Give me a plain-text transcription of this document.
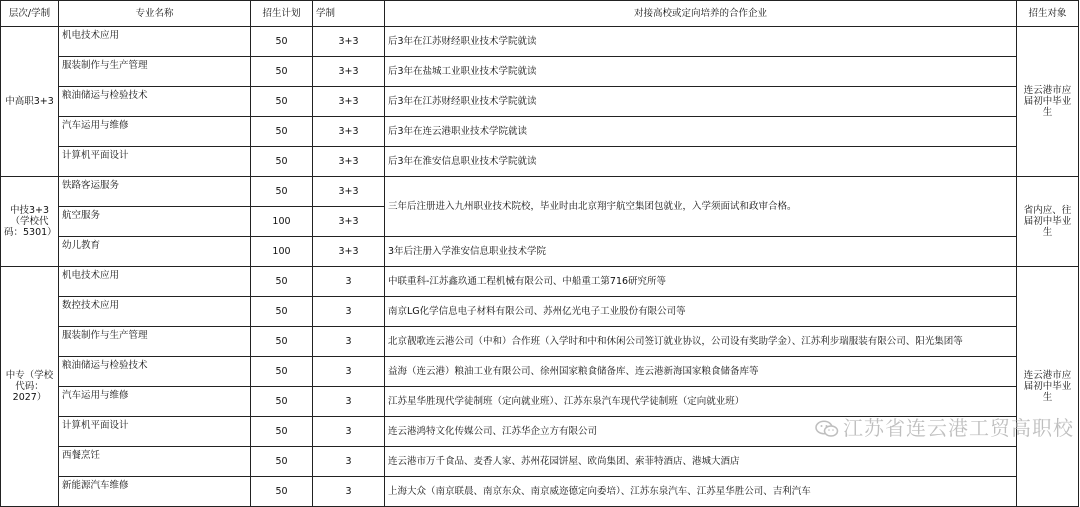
层次/学制	专业名称	招生计划	学制	对接高校或定向培养的合作企业	招生对象
中高职3+3	机电技术应用	50	3+3	后3年在江苏财经职业技术学院就读	连云港市应届初中毕业生
	服装制作与生产管理	50	3+3	后3年在盐城工业职业技术学院就读	
	粮油储运与检验技术	50	3+3	后3年在江苏财经职业技术学院就读	
	汽车运用与维修	50	3+3	后3年在连云港职业技术学院就读	
	计算机平面设计	50	3+3	后3年在淮安信息职业技术学院就读	
中技3+3（学校代码：5301）	铁路客运服务	50	3+3	三年后注册进入九州职业技术院校，毕业时由北京翔宇航空集团包就业，入学须面试和政审合格。	省内应、往届初中毕业生
	航空服务	100	3+3		
	幼儿教育	100	3+3	3年后注册入学淮安信息职业技术学院	
中专（学校代码：2027）	机电技术应用	50	3	中联重科-江苏鑫玖通工程机械有限公司、中船重工第716研究所等	连云港市应届初中毕业生
	数控技术应用	50	3	南京LG化学信息电子材料有限公司、苏州亿光电子工业股份有限公司等	
	服装制作与生产管理	50	3	北京靓歌连云港公司（中和）合作班（入学时和中和休闲公司签订就业协议，公司设有奖助学金）、江苏利步瑞服装有限公司、阳光集团等	
	粮油储运与检验技术	50	3	益海（连云港）粮油工业有限公司、徐州国家粮食储备库、连云港新海国家粮食储备库等	
	汽车运用与维修	50	3	江苏星华胜现代学徒制班（定向就业班）、江苏东泉汽车现代学徒制班（定向就业班）	
	计算机平面设计	50	3	连云港鸿特文化传媒公司、江苏华企立方有限公司	
	西餐烹饪	50	3	连云港市万千食品、麦香人家、苏州花园饼屋、欧尚集团、索菲特酒店、港城大酒店	
	新能源汽车维修	50	3	上海大众（南京联晨、南京东众、南京威迩德定向委培）、江苏东泉汽车、江苏星华胜公司、吉利汽车	
江苏省连云港工贸高职校
